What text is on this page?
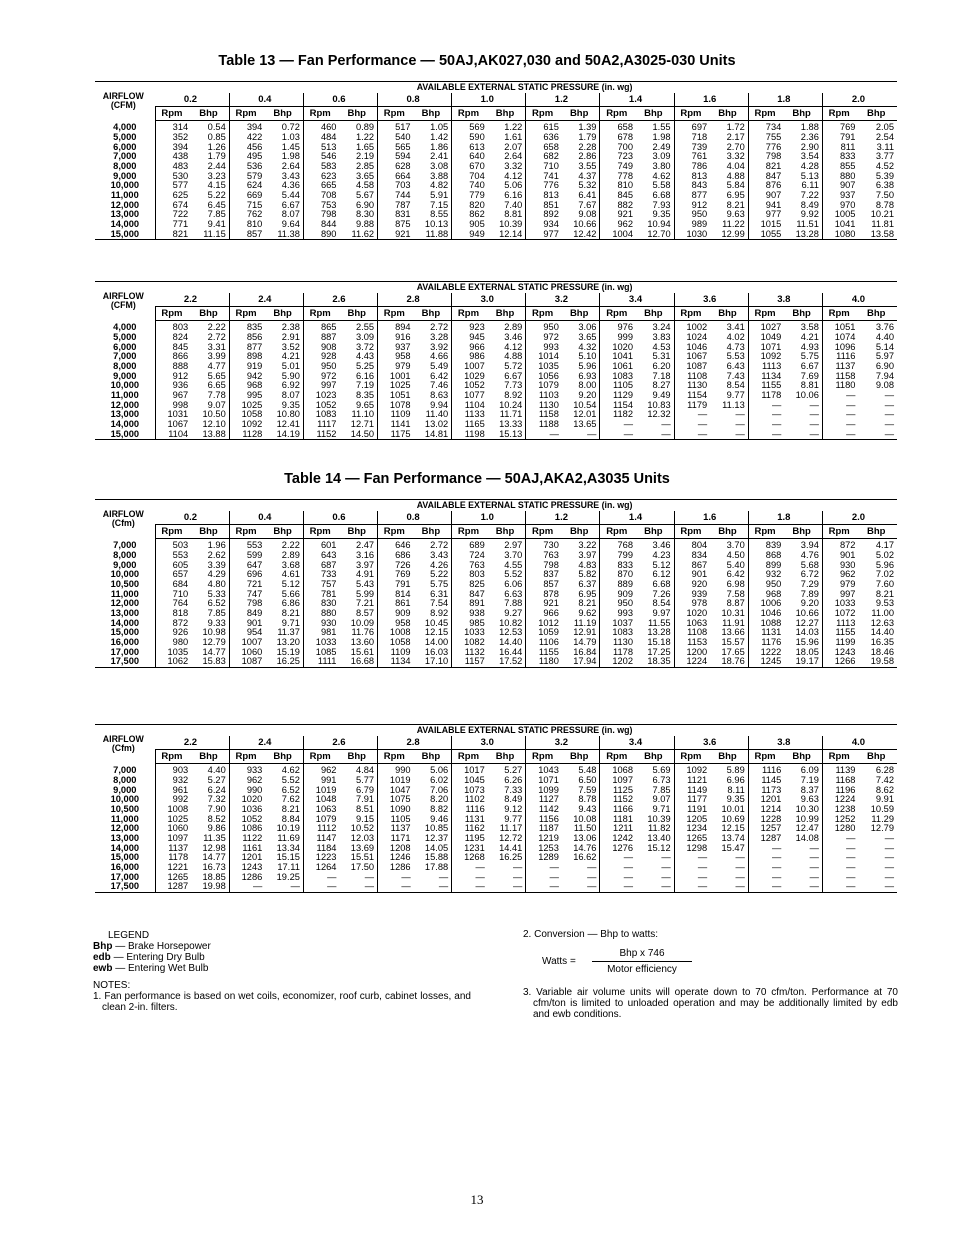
Table 13 — Fan Performance — 50AJ,AK027,030 and 50A2,A3025-030 Units
Table 14 — Fan Performance — 50AJ,AKA2,A3035 Units
AIRFLOW
(CFM)	AVAILABLE EXTERNAL STATIC PRESSURE (in. wg)																			
	0.2		0.4		0.6		0.8		1.0		1.2		1.4		1.6		1.8		2.0	
	Rpm	Bhp	Rpm	Bhp	Rpm	Bhp	Rpm	Bhp	Rpm	Bhp	Rpm	Bhp	Rpm	Bhp	Rpm	Bhp	Rpm	Bhp	Rpm	Bhp
4,000	314	0.54	394	0.72	460	0.89	517	1.05	569	1.22	615	1.39	658	1.55	697	1.72	734	1.88	769	2.05
5,000	352	0.85	422	1.03	484	1.22	540	1.42	590	1.61	636	1.79	678	1.98	718	2.17	755	2.36	791	2.54
6,000	394	1.26	456	1.45	513	1.65	565	1.86	613	2.07	658	2.28	700	2.49	739	2.70	776	2.90	811	3.11
7,000	438	1.79	495	1.98	546	2.19	594	2.41	640	2.64	682	2.86	723	3.09	761	3.32	798	3.54	833	3.77
8,000	483	2.44	536	2.64	583	2.85	628	3.08	670	3.32	710	3.55	749	3.80	786	4.04	821	4.28	855	4.52
9,000	530	3.23	579	3.43	623	3.65	664	3.88	704	4.12	741	4.37	778	4.62	813	4.88	847	5.13	880	5.39
10,000	577	4.15	624	4.36	665	4.58	703	4.82	740	5.06	776	5.32	810	5.58	843	5.84	876	6.11	907	6.38
11,000	625	5.22	669	5.44	708	5.67	744	5.91	779	6.16	813	6.41	845	6.68	877	6.95	907	7.22	937	7.50
12,000	674	6.45	715	6.67	753	6.90	787	7.15	820	7.40	851	7.67	882	7.93	912	8.21	941	8.49	970	8.78
13,000	722	7.85	762	8.07	798	8.30	831	8.55	862	8.81	892	9.08	921	9.35	950	9.63	977	9.92	1005	10.21
14,000	771	9.41	810	9.64	844	9.88	875	10.13	905	10.39	934	10.66	962	10.94	989	11.22	1015	11.51	1041	11.81
15,000	821	11.15	857	11.38	890	11.62	921	11.88	949	12.14	977	12.42	1004	12.70	1030	12.99	1055	13.28	1080	13.58
AIRFLOW
(CFM)	AVAILABLE EXTERNAL STATIC PRESSURE (in. wg)																			
	2.2		2.4		2.6		2.8		3.0		3.2		3.4		3.6		3.8		4.0	
	Rpm	Bhp	Rpm	Bhp	Rpm	Bhp	Rpm	Bhp	Rpm	Bhp	Rpm	Bhp	Rpm	Bhp	Rpm	Bhp	Rpm	Bhp	Rpm	Bhp
4,000	803	2.22	835	2.38	865	2.55	894	2.72	923	2.89	950	3.06	976	3.24	1002	3.41	1027	3.58	1051	3.76
5,000	824	2.72	856	2.91	887	3.09	916	3.28	945	3.46	972	3.65	999	3.83	1024	4.02	1049	4.21	1074	4.40
6,000	845	3.31	877	3.52	908	3.72	937	3.92	966	4.12	993	4.32	1020	4.53	1046	4.73	1071	4.93	1096	5.14
7,000	866	3.99	898	4.21	928	4.43	958	4.66	986	4.88	1014	5.10	1041	5.31	1067	5.53	1092	5.75	1116	5.97
8,000	888	4.77	919	5.01	950	5.25	979	5.49	1007	5.72	1035	5.96	1061	6.20	1087	6.43	1113	6.67	1137	6.90
9,000	912	5.65	942	5.90	972	6.16	1001	6.42	1029	6.67	1056	6.93	1083	7.18	1108	7.43	1134	7.69	1158	7.94
10,000	936	6.65	968	6.92	997	7.19	1025	7.46	1052	7.73	1079	8.00	1105	8.27	1130	8.54	1155	8.81	1180	9.08
11,000	967	7.78	995	8.07	1023	8.35	1051	8.63	1077	8.92	1103	9.20	1129	9.49	1154	9.77	1178	10.06	—	—
12,000	998	9.07	1025	9.35	1052	9.65	1078	9.94	1104	10.24	1130	10.54	1154	10.83	1179	11.13	—	—	—	—
13,000	1031	10.50	1058	10.80	1083	11.10	1109	11.40	1133	11.71	1158	12.01	1182	12.32	—	—	—	—	—	—
14,000	1067	12.10	1092	12.41	1117	12.71	1141	13.02	1165	13.33	1188	13.65	—	—	—	—	—	—	—	—
15,000	1104	13.88	1128	14.19	1152	14.50	1175	14.81	1198	15.13	—	—	—	—	—	—	—	—	—	—
AIRFLOW
(Cfm)	AVAILABLE EXTERNAL STATIC PRESSURE (in. wg)																			
	0.2		0.4		0.6		0.8		1.0		1.2		1.4		1.6		1.8		2.0	
	Rpm	Bhp	Rpm	Bhp	Rpm	Bhp	Rpm	Bhp	Rpm	Bhp	Rpm	Bhp	Rpm	Bhp	Rpm	Bhp	Rpm	Bhp	Rpm	Bhp
7,000	503	1.96	553	2.22	601	2.47	646	2.72	689	2.97	730	3.22	768	3.46	804	3.70	839	3.94	872	4.17
8,000	553	2.62	599	2.89	643	3.16	686	3.43	724	3.70	763	3.97	799	4.23	834	4.50	868	4.76	901	5.02
9,000	605	3.39	647	3.68	687	3.97	726	4.26	763	4.55	798	4.83	833	5.12	867	5.40	899	5.68	930	5.96
10,000	657	4.29	696	4.61	733	4.91	769	5.22	803	5.52	837	5.82	870	6.12	901	6.42	932	6.72	962	7.02
10,500	684	4.80	721	5.12	757	5.43	791	5.75	825	6.06	857	6.37	889	6.68	920	6.98	950	7.29	979	7.60
11,000	710	5.33	747	5.66	781	5.99	814	6.31	847	6.63	878	6.95	909	7.26	939	7.58	968	7.89	997	8.21
12,000	764	6.52	798	6.86	830	7.21	861	7.54	891	7.88	921	8.21	950	8.54	978	8.87	1006	9.20	1033	9.53
13,000	818	7.85	849	8.21	880	8.57	909	8.92	938	9.27	966	9.62	993	9.97	1020	10.31	1046	10.66	1072	11.00
14,000	872	9.33	901	9.71	930	10.09	958	10.45	985	10.82	1012	11.19	1037	11.55	1063	11.91	1088	12.27	1113	12.63
15,000	926	10.98	954	11.37	981	11.76	1008	12.15	1033	12.53	1059	12.91	1083	13.28	1108	13.66	1131	14.03	1155	14.40
16,000	980	12.79	1007	13.20	1033	13.60	1058	14.00	1082	14.40	1106	14.79	1130	15.18	1153	15.57	1176	15.96	1199	16.35
17,000	1035	14.77	1060	15.19	1085	15.61	1109	16.03	1132	16.44	1155	16.84	1178	17.25	1200	17.65	1222	18.05	1243	18.46
17,500	1062	15.83	1087	16.25	1111	16.68	1134	17.10	1157	17.52	1180	17.94	1202	18.35	1224	18.76	1245	19.17	1266	19.58
AIRFLOW
(Cfm)	AVAILABLE EXTERNAL STATIC PRESSURE (in. wg)																			
	2.2		2.4		2.6		2.8		3.0		3.2		3.4		3.6		3.8		4.0	
	Rpm	Bhp	Rpm	Bhp	Rpm	Bhp	Rpm	Bhp	Rpm	Bhp	Rpm	Bhp	Rpm	Bhp	Rpm	Bhp	Rpm	Bhp	Rpm	Bhp
7,000	903	4.40	933	4.62	962	4.84	990	5.06	1017	5.27	1043	5.48	1068	5.69	1092	5.89	1116	6.09	1139	6.28
8,000	932	5.27	962	5.52	991	5.77	1019	6.02	1045	6.26	1071	6.50	1097	6.73	1121	6.96	1145	7.19	1168	7.42
9,000	961	6.24	990	6.52	1019	6.79	1047	7.06	1073	7.33	1099	7.59	1125	7.85	1149	8.11	1173	8.37	1196	8.62
10,000	992	7.32	1020	7.62	1048	7.91	1075	8.20	1102	8.49	1127	8.78	1152	9.07	1177	9.35	1201	9.63	1224	9.91
10,500	1008	7.90	1036	8.21	1063	8.51	1090	8.82	1116	9.12	1142	9.43	1166	9.71	1191	10.01	1214	10.30	1238	10.59
11,000	1025	8.52	1052	8.84	1079	9.15	1105	9.46	1131	9.77	1156	10.08	1181	10.39	1205	10.69	1228	10.99	1252	11.29
12,000	1060	9.86	1086	10.19	1112	10.52	1137	10.85	1162	11.17	1187	11.50	1211	11.82	1234	12.15	1257	12.47	1280	12.79
13,000	1097	11.35	1122	11.69	1147	12.03	1171	12.37	1195	12.72	1219	13.06	1242	13.40	1265	13.74	1287	14.08	—	—
14,000	1137	12.98	1161	13.34	1184	13.69	1208	14.05	1231	14.41	1253	14.76	1276	15.12	1298	15.47	—	—	—	—
15,000	1178	14.77	1201	15.15	1223	15.51	1246	15.88	1268	16.25	1289	16.62	—	—	—	—	—	—	—	—
16,000	1221	16.73	1243	17.11	1264	17.50	1286	17.88	—	—	—	—	—	—	—	—	—	—	—	—
17,000	1265	18.85	1286	19.25	—	—	—	—	—	—	—	—	—	—	—	—	—	—	—	—
17,500	1287	19.98	—	—	—	—	—	—	—	—	—	—	—	—	—	—	—	—	—	—
LEGEND
Bhp — Brake Horsepower
edb — Entering Dry Bulb
ewb — Entering Wet Bulb
NOTES:
1. Fan performance is based on wet coils, economizer, roof curb, cabinet losses, and clean 2-in. filters.
2. Conversion — Bhp to watts:
Watts =
Bhp x 746
Motor efficiency
3. Variable air volume units will operate down to 70 cfm/ton. Performance at 70 cfm/ton is limited to unloaded operation and may be additionally limited by edb and ewb conditions.
13
